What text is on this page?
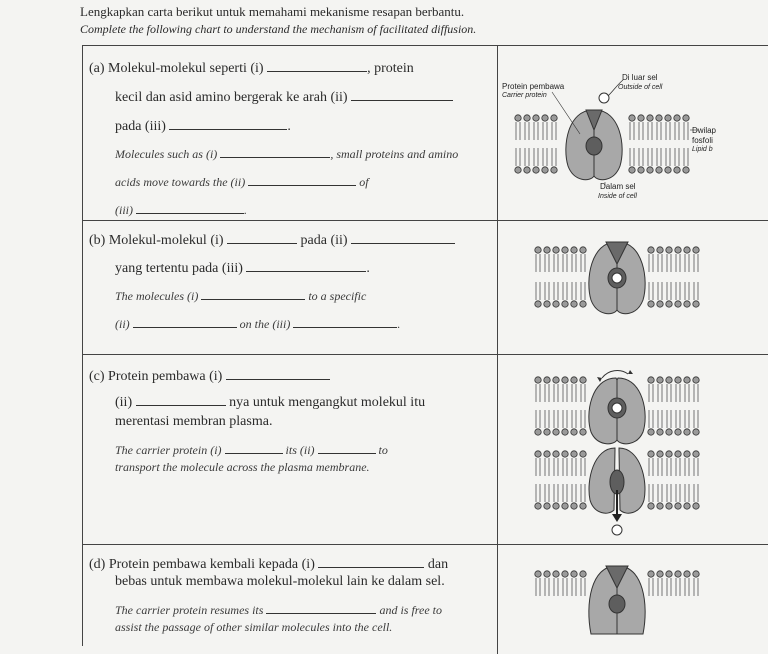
Lengkapkan carta berikut untuk memahami mekanisme resapan berbantu.
Complete the following chart to understand the mechanism of facilitated diffusion.
(a) Molekul-molekul seperti (i)	, protein
kecil dan asid amino bergerak ke arah (ii)
pada (iii)	.
Molecules such as (i)	, small proteins and amino
acids move towards the (ii)	of
(iii)	.
Protein pembawa
Carrier protein
Di luar sel
Outside of cell
Dwilap
fosfoli
Lipid b
Dalam sel
Inside of cell
(b) Molekul-molekul (i)	pada (ii)
yang tertentu pada (iii)	.
The molecules (i)	to a specific
(ii)	on the (iii)	.
(c) Protein pembawa (i)
(ii)	nya untuk mengangkut molekul itu
merentasi membran plasma.
The carrier protein (i)	its (ii)	to
transport the molecule across the plasma membrane.
(d) Protein pembawa kembali kepada (i)	dan
bebas untuk membawa molekul-molekul lain ke dalam sel.
The carrier protein resumes its	and is free to
assist the passage of other similar molecules into the cell.
